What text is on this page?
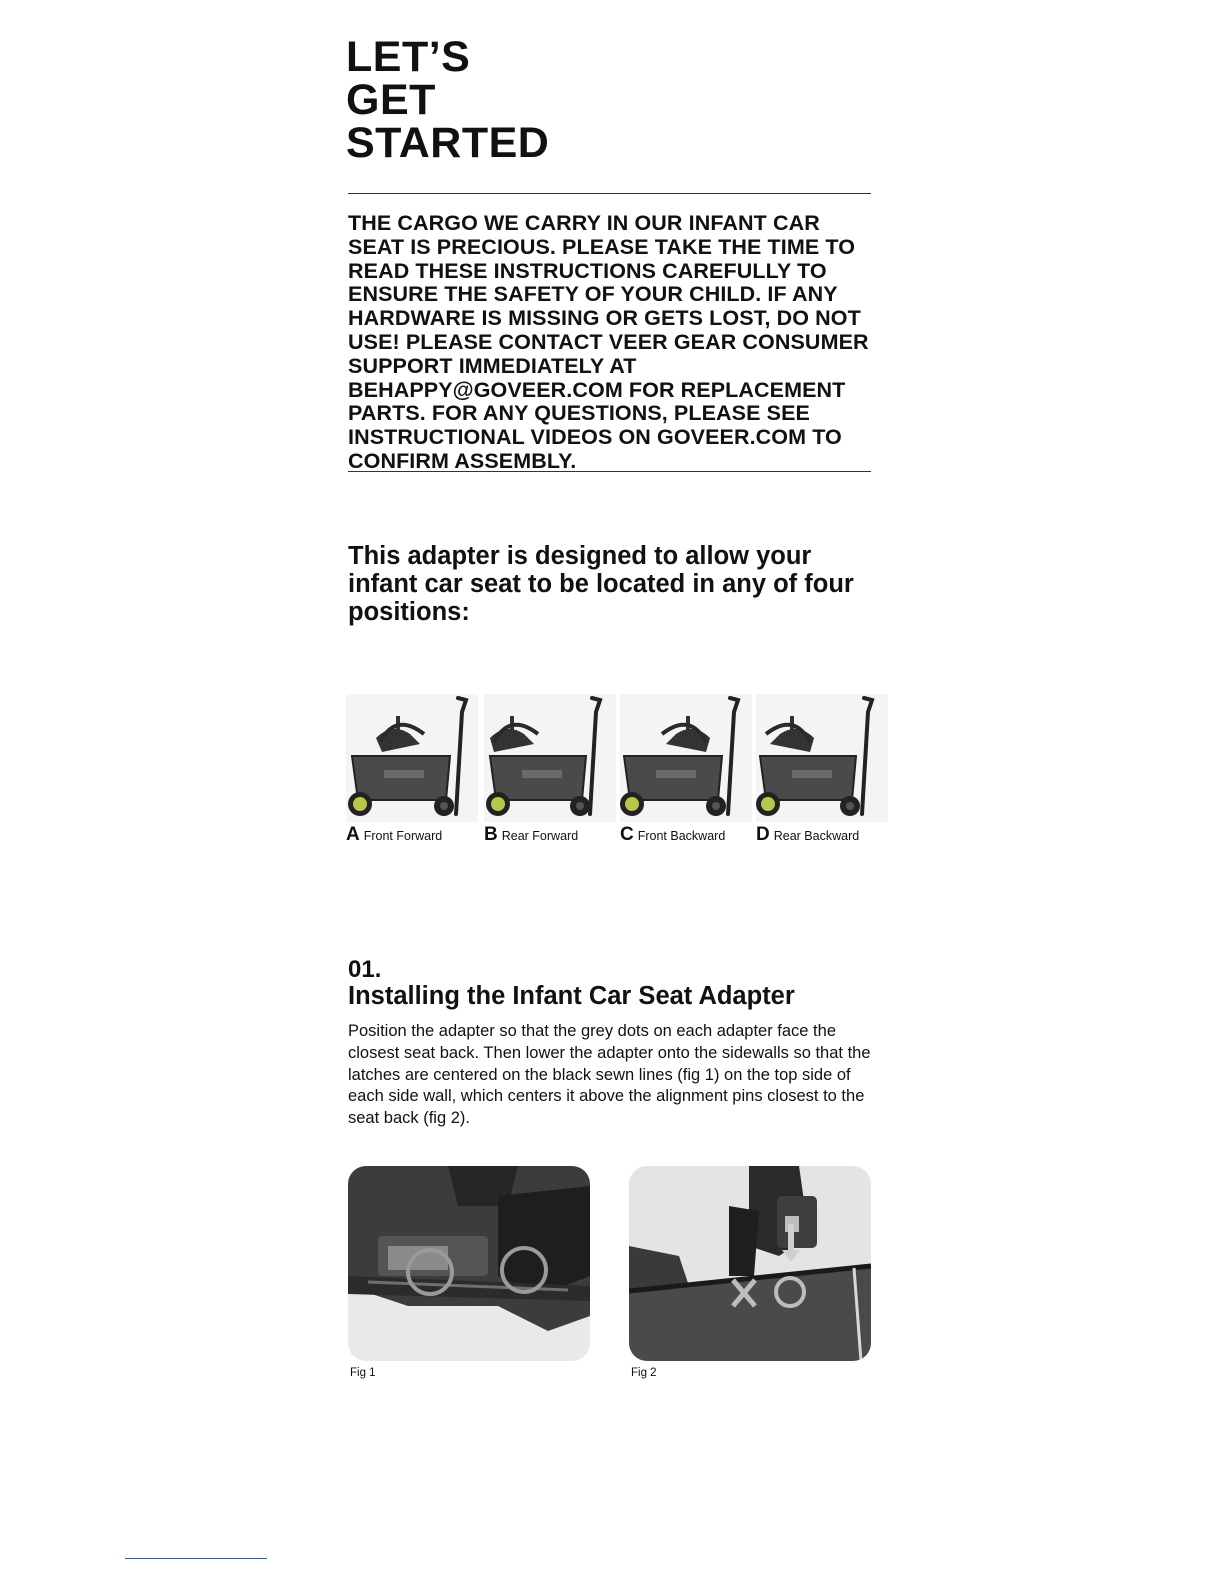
LET’S
GET
STARTED
THE CARGO WE CARRY IN OUR INFANT CAR SEAT IS PRECIOUS. PLEASE TAKE THE TIME TO READ THESE INSTRUCTIONS CAREFULLY TO ENSURE THE SAFETY OF YOUR CHILD. IF ANY HARDWARE IS MISSING OR GETS LOST, DO NOT USE! PLEASE CONTACT VEER GEAR CONSUMER SUPPORT IMMEDIATELY AT BEHAPPY@GOVEER.COM FOR REPLACEMENT PARTS. FOR ANY QUESTIONS, PLEASE SEE INSTRUCTIONAL VIDEOS ON GOVEER.COM TO CONFIRM ASSEMBLY.
This adapter is designed to allow your infant car seat to be located in any of four positions:
A Front Forward B Rear Forward C Front Backward D Rear Backward
01.
Installing the Infant Car Seat Adapter
Position the adapter so that the grey dots on each adapter face the closest seat back. Then lower the adapter onto the sidewalls so that the latches are centered on the black sewn lines (fig 1) on the top side of each side wall, which centers it above the alignment pins closest to the seat back (fig 2).
Fig 1	Fig 2
